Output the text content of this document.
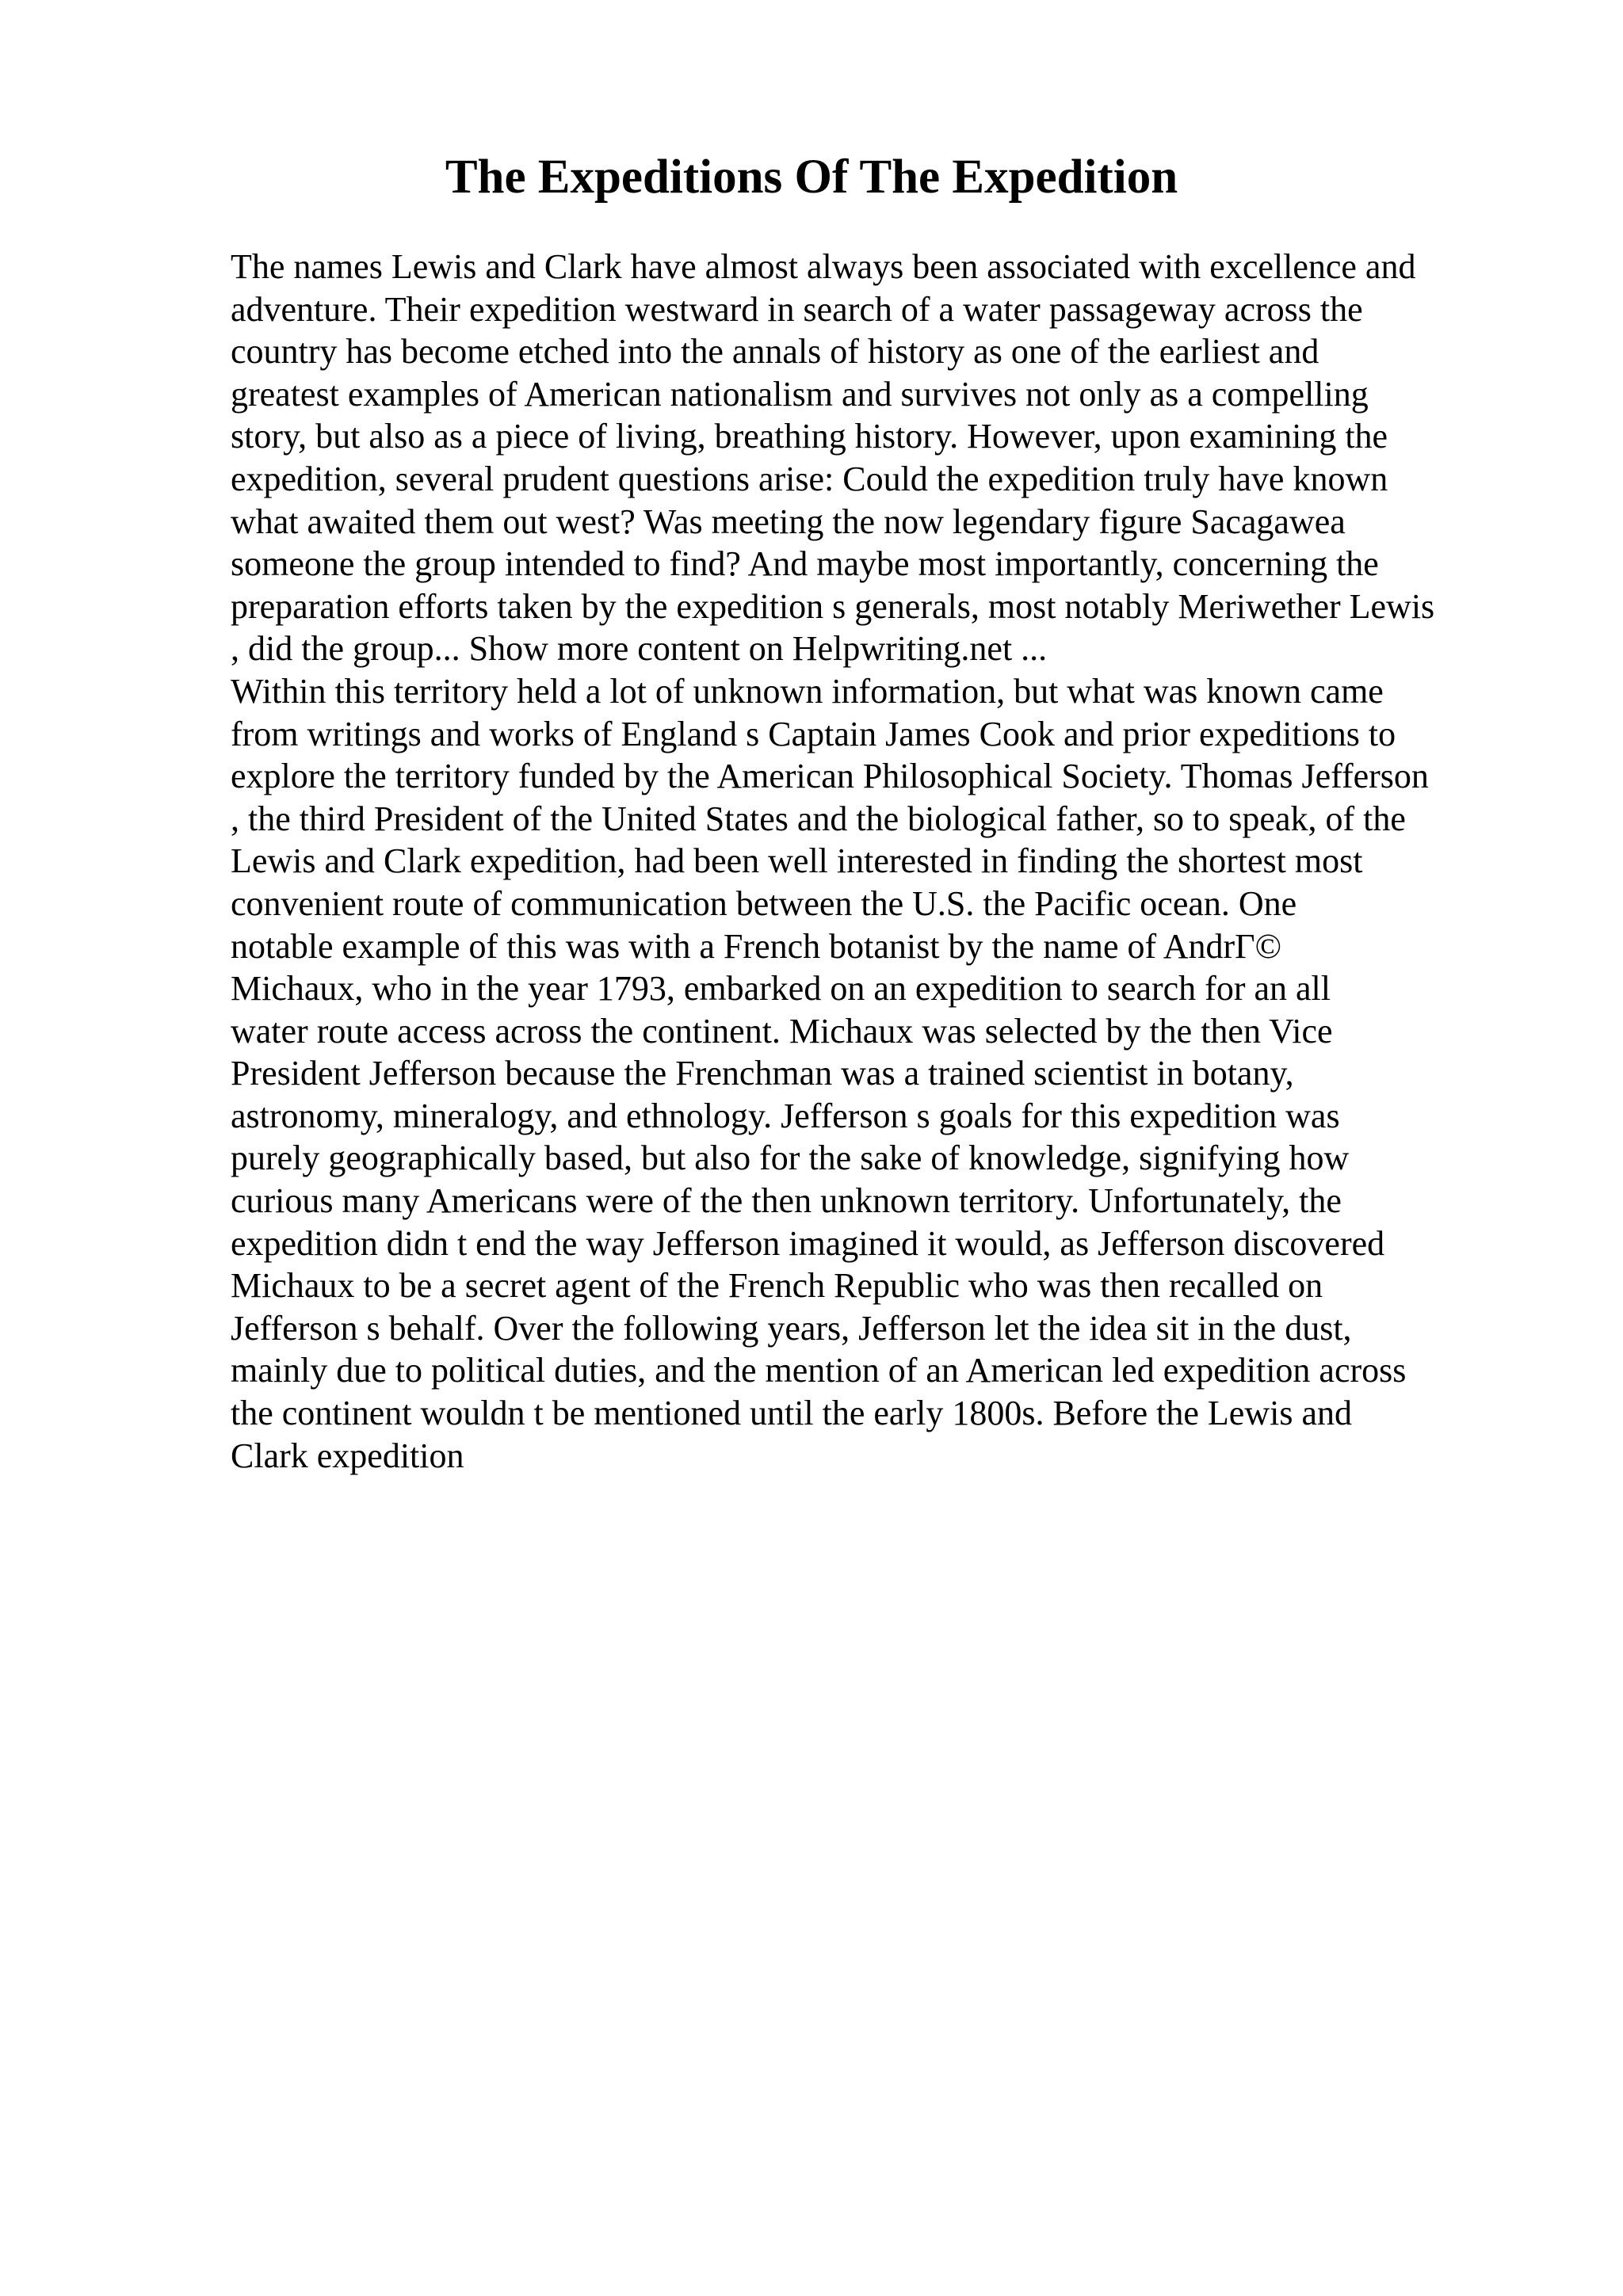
The Expeditions Of The Expedition
The names Lewis and Clark have almost always been associated with excellence and
adventure. Their expedition westward in search of a water passageway across the
country has become etched into the annals of history as one of the earliest and
greatest examples of American nationalism and survives not only as a compelling
story, but also as a piece of living, breathing history. However, upon examining the
expedition, several prudent questions arise: Could the expedition truly have known
what awaited them out west? Was meeting the now legendary figure Sacagawea
someone the group intended to find? And maybe most importantly, concerning the
preparation efforts taken by the expedition s generals, most notably Meriwether Lewis
, did the group... Show more content on Helpwriting.net ...
Within this territory held a lot of unknown information, but what was known came
from writings and works of England s Captain James Cook and prior expeditions to
explore the territory funded by the American Philosophical Society. Thomas Jefferson
, the third President of the United States and the biological father, so to speak, of the
Lewis and Clark expedition, had been well interested in finding the shortest most
convenient route of communication between the U.S. the Pacific ocean. One
notable example of this was with a French botanist by the name of AndrГ©
Michaux, who in the year 1793, embarked on an expedition to search for an all
water route access across the continent. Michaux was selected by the then Vice
President Jefferson because the Frenchman was a trained scientist in botany,
astronomy, mineralogy, and ethnology. Jefferson s goals for this expedition was
purely geographically based, but also for the sake of knowledge, signifying how
curious many Americans were of the then unknown territory. Unfortunately, the
expedition didn t end the way Jefferson imagined it would, as Jefferson discovered
Michaux to be a secret agent of the French Republic who was then recalled on
Jefferson s behalf. Over the following years, Jefferson let the idea sit in the dust,
mainly due to political duties, and the mention of an American led expedition across
the continent wouldn t be mentioned until the early 1800s. Before the Lewis and
Clark expedition
